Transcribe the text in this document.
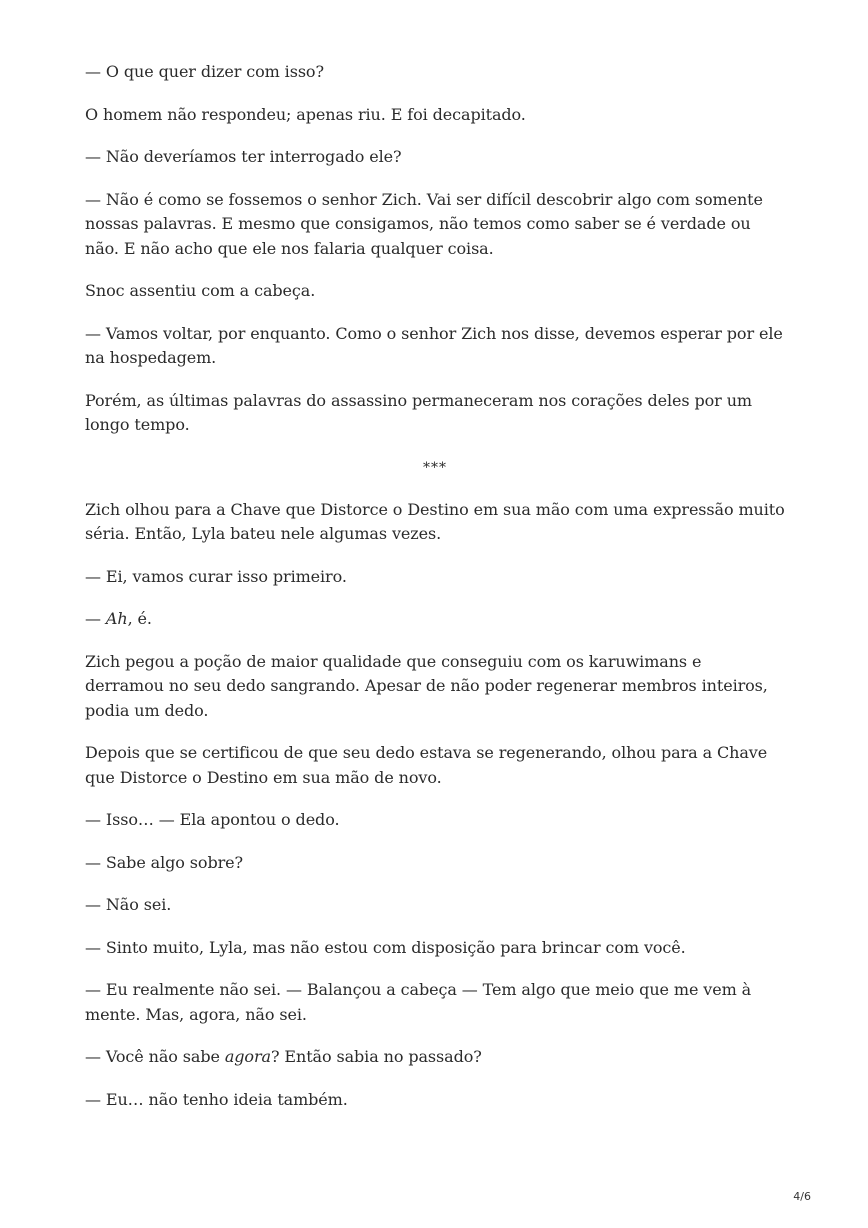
— O que quer dizer com isso?

O homem não respondeu; apenas riu. E foi decapitado.

— Não deveríamos ter interrogado ele?

— Não é como se fossemos o senhor Zich. Vai ser difícil descobrir algo com somente nossas palavras. E mesmo que consigamos, não temos como saber se é verdade ou não. E não acho que ele nos falaria qualquer coisa.

Snoc assentiu com a cabeça.

— Vamos voltar, por enquanto. Como o senhor Zich nos disse, devemos esperar por ele na hospedagem.

Porém, as últimas palavras do assassino permaneceram nos corações deles por um longo tempo.

***

Zich olhou para a Chave que Distorce o Destino em sua mão com uma expressão muito séria. Então, Lyla bateu nele algumas vezes.

— Ei, vamos curar isso primeiro.

— Ah, é.

Zich pegou a poção de maior qualidade que conseguiu com os karuwimans e derramou no seu dedo sangrando. Apesar de não poder regenerar membros inteiros, podia um dedo.

Depois que se certificou de que seu dedo estava se regenerando, olhou para a Chave que Distorce o Destino em sua mão de novo.

— Isso… — Ela apontou o dedo.

— Sabe algo sobre?

— Não sei.

— Sinto muito, Lyla, mas não estou com disposição para brincar com você.

— Eu realmente não sei. — Balançou a cabeça — Tem algo que meio que me vem à mente. Mas, agora, não sei.

— Você não sabe agora? Então sabia no passado?

— Eu… não tenho ideia também.

4/6
